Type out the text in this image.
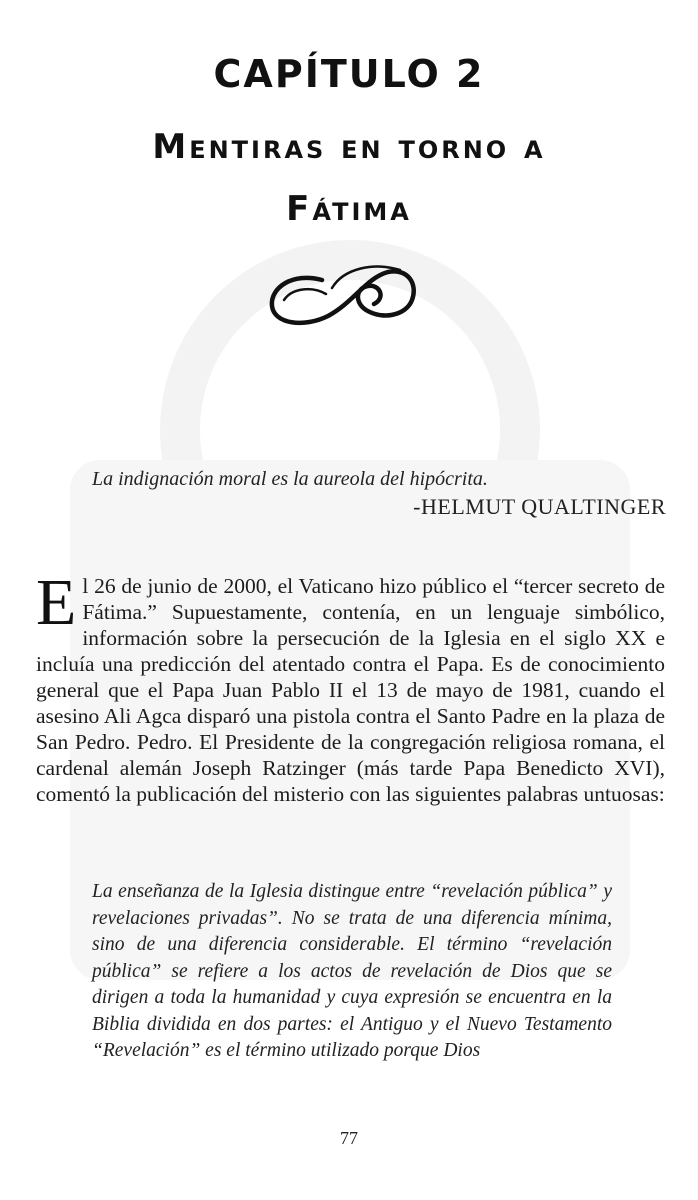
CAPÍTULO 2
Mentiras en torno a
Fátima
La indignación moral es la aureola del hipócrita.
-HELMUT QUALTINGER
El 26 de junio de 2000, el Vaticano hizo público el “tercer secreto de Fátima.” Supuestamente, contenía, en un lenguaje simbólico, información sobre la persecución de la Iglesia en el siglo XX e incluía una predicción del atentado contra el Papa. Es de conocimiento general que el Papa Juan Pablo II el 13 de mayo de 1981, cuando el asesino Ali Agca disparó una pistola contra el Santo Padre en la plaza de San Pedro. Pedro. El Presidente de la congregación religiosa romana, el cardenal alemán Joseph Ratzinger (más tarde Papa Benedicto XVI), comentó la publicación del misterio con las siguientes palabras untuosas:
La enseñanza de la Iglesia distingue entre “revelación pública” y revelaciones privadas”. No se trata de una diferencia mínima, sino de una diferencia considerable. El término “revelación pública” se refiere a los actos de revelación de Dios que se dirigen a toda la humanidad y cuya expresión se encuentra en la Biblia dividida en dos partes: el Antiguo y el Nuevo Testamento “Revelación” es el término utilizado porque Dios
77
